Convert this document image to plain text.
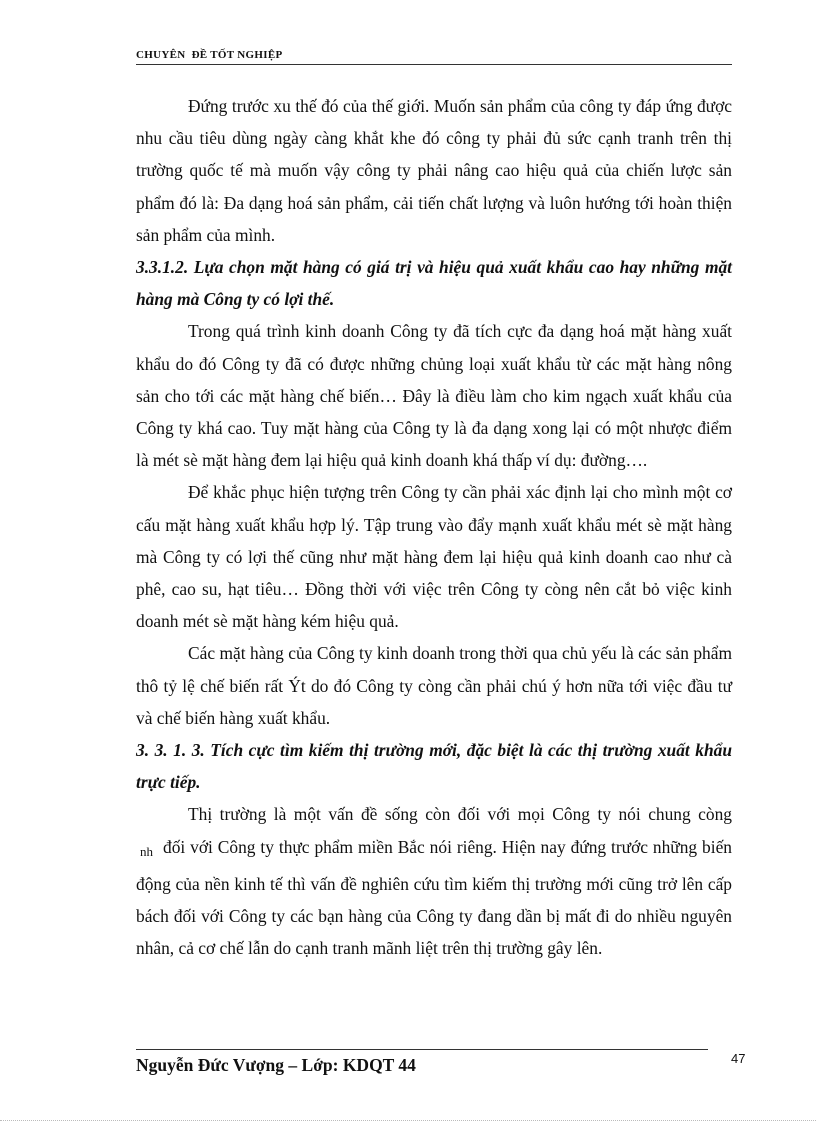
CHUYÊN  ĐỀ TỐT NGHIỆP

Đứng trước xu thế đó của thế giới. Muốn sản phẩm của công ty đáp ứng được nhu cầu tiêu dùng ngày càng khắt khe đó công ty phải đủ sức cạnh tranh trên thị trường quốc tế mà muốn vậy công ty phải nâng cao hiệu quả của chiến lược sản phẩm đó là: Đa dạng hoá sản phẩm, cải tiến chất lượng và luôn hướng tới hoàn thiện sản phẩm của mình.

3.3.1.2. Lựa chọn mặt hàng có giá trị và hiệu quả xuất khẩu cao hay những mặt hàng mà Công ty có lợi thế.

Trong quá trình kinh doanh Công ty đã tích cực đa dạng hoá mặt hàng xuất khẩu do đó Công ty đã có được những chủng loại xuất khẩu từ các mặt hàng nông sản cho tới các mặt hàng chế biến… Đây là điều làm cho kim ngạch xuất khẩu của Công ty khá cao. Tuy mặt hàng của Công ty là đa dạng xong lại có một nhược điểm là mét sè mặt hàng đem lại hiệu quả kinh doanh khá thấp ví dụ: đường….

Để khắc phục hiện tượng trên Công ty cần phải xác định lại cho mình một cơ cấu mặt hàng xuất khẩu hợp lý. Tập trung vào đẩy mạnh xuất khẩu mét sè mặt hàng mà Công ty có lợi thế cũng như mặt hàng đem lại hiệu quả kinh doanh cao như cà phê, cao su, hạt tiêu… Đồng thời với việc trên Công ty còng nên cắt bỏ việc kinh doanh mét sè mặt hàng kém hiệu quả.

Các mặt hàng của Công ty kinh doanh trong thời qua chủ yếu là các sản phẩm thô tỷ lệ chế biến rất Ýt do đó Công ty còng cần phải chú ý hơn nữa tới việc đầu tư và chế biến hàng xuất khẩu.

3. 3. 1. 3. Tích cực tìm kiếm thị trường mới, đặc biệt là các thị trường xuất khẩu trực tiếp.

Thị trường là một vấn đề sống còn đối với mọi Công ty nói chung còng nh đối với Công ty thực phẩm miền Bắc nói riêng. Hiện nay đứng trước những biến động của nền kinh tế thì vấn đề nghiên cứu tìm kiếm thị trường mới cũng trở lên cấp bách đối với Công ty các bạn hàng của Công ty đang dần bị mất đi do nhiều nguyên nhân, cả cơ chế lẫn do cạnh tranh mãnh liệt trên thị trường gây lên.

Nguyễn Đức Vượng – Lớp: KDQT 44	47
